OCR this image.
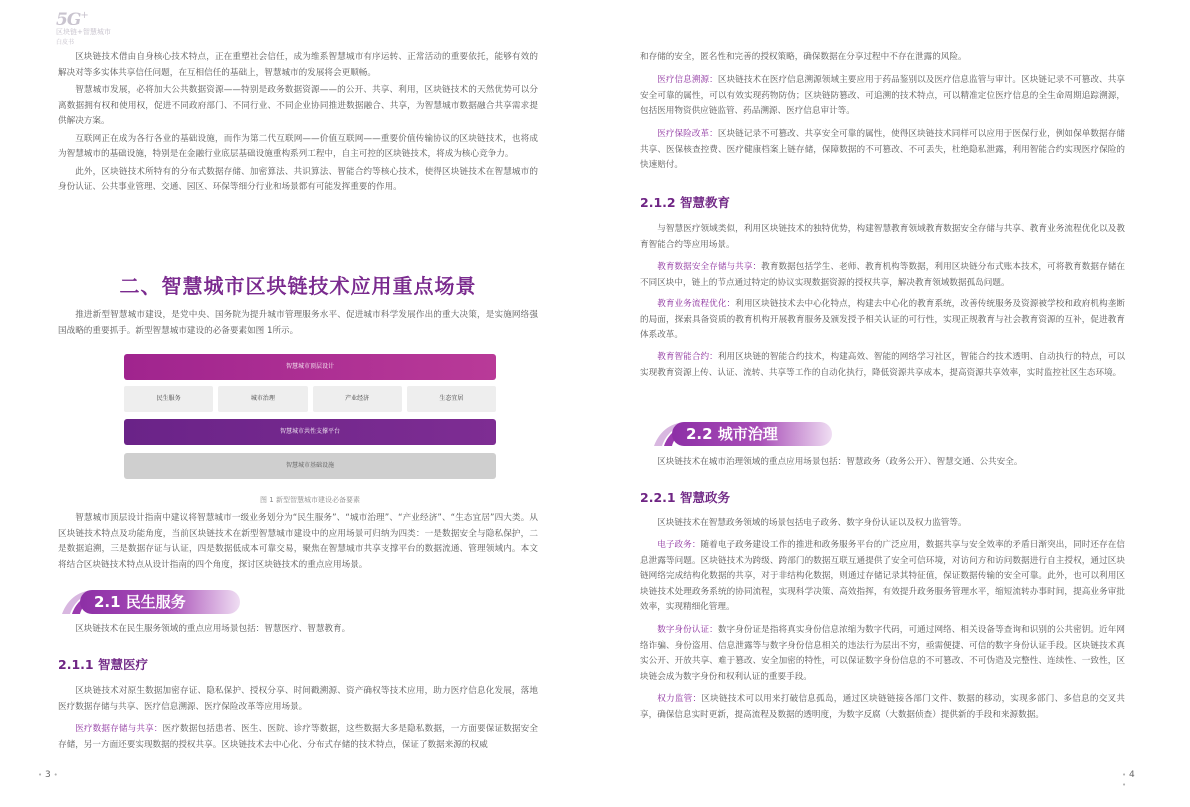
5G+
区块链+智慧城市
白皮书

区块链技术借由自身核心技术特点，正在重塑社会信任，成为维系智慧城市有序运转、正常活动的重要依托，能够有效的解决对等多实体共享信任问题，在互相信任的基础上，智慧城市的发展将会更顺畅。

智慧城市发展，必将加大公共数据资源——特别是政务数据资源——的公开、共享、利用，区块链技术的天然优势可以分离数据拥有权和使用权，促进不同政府部门、不同行业、不同企业协同推进数据融合、共享，为智慧城市数据融合共享需求提供解决方案。

互联网正在成为各行各业的基础设施，而作为第二代互联网——价值互联网——重要价值传输协议的区块链技术，也将成为智慧城市的基础设施，特别是在金融行业底层基础设施重构系列工程中，自主可控的区块链技术，将成为核心竞争力。

此外，区块链技术所特有的分布式数据存储、加密算法、共识算法、智能合约等核心技术，使得区块链技术在智慧城市的身份认证、公共事业管理、交通、园区、环保等细分行业和场景都有可能发挥重要的作用。

二、智慧城市区块链技术应用重点场景

推进新型智慧城市建设，是党中央、国务院为提升城市管理服务水平、促进城市科学发展作出的重大决策，是实施网络强国战略的重要抓手。新型智慧城市建设的必备要素如图 1所示。

智慧城市顶层设计
民生服务	城市治理	产业经济	生态宜居
智慧城市共性支撑平台
智慧城市基础设施
图 1 新型智慧城市建设必备要素

智慧城市顶层设计指南中建议将智慧城市一级业务划分为“民生服务”、“城市治理”、“产业经济”、“生态宜居”四大类。从区块链技术特点及功能角度，当前区块链技术在新型智慧城市建设中的应用场景可归纳为四类：一是数据安全与隐私保护，二是数据追溯，三是数据存证与认证，四是数据低成本可靠交易，聚焦在智慧城市共享支撑平台的数据流通、管理领域内。本文将结合区块链技术特点从设计指南的四个角度，探讨区块链技术的重点应用场景。

2.1 民生服务

区块链技术在民生服务领域的重点应用场景包括：智慧医疗、智慧教育。

2.1.1 智慧医疗

区块链技术对原生数据加密存证、隐私保护、授权分享、时间戳溯源、资产确权等技术应用，助力医疗信息化发展，落地医疗数据存储与共享、医疗信息溯源、医疗保险改革等应用场景。

医疗数据存储与共享：医疗数据包括患者、医生、医院、诊疗等数据，这些数据大多是隐私数据，一方面要保证数据安全存储，另一方面还要实现数据的授权共享。区块链技术去中心化、分布式存储的技术特点，保证了数据来源的权威

• 3 •

和存储的安全，匿名性和完善的授权策略，确保数据在分享过程中不存在泄露的风险。

医疗信息溯源：区块链技术在医疗信息溯源领域主要应用于药品鉴别以及医疗信息监管与审计。区块链记录不可篡改、共享安全可靠的属性，可以有效实现药物防伪；区块链防篡改、可追溯的技术特点，可以精准定位医疗信息的全生命周期追踪溯源，包括医用物资供应链监管、药品溯源、医疗信息审计等。

医疗保险改革：区块链记录不可篡改、共享安全可靠的属性，使得区块链技术同样可以应用于医保行业，例如保单数据存储共享、医保核查控费、医疗健康档案上链存储，保障数据的不可篡改、不可丢失，杜绝隐私泄露，利用智能合约实现医疗保险的快速赔付。

2.1.2 智慧教育

与智慧医疗领域类似，利用区块链技术的独特优势，构建智慧教育领域教育数据安全存储与共享、教育业务流程优化以及教育智能合约等应用场景。

教育数据安全存储与共享：教育数据包括学生、老师、教育机构等数据，利用区块链分布式账本技术，可将教育数据存储在不同区块中，链上的节点通过特定的协议实现数据资源的授权共享，解决教育领域数据孤岛问题。

教育业务流程优化：利用区块链技术去中心化特点，构建去中心化的教育系统，改善传统服务及资源被学校和政府机构垄断的局面，探索具备资质的教育机构开展教育服务及颁发授予相关认证的可行性，实现正规教育与社会教育资源的互补，促进教育体系改革。

教育智能合约：利用区块链的智能合约技术，构建高效、智能的网络学习社区，智能合约技术透明、自动执行的特点，可以实现教育资源上传、认证、流转、共享等工作的自动化执行，降低资源共享成本，提高资源共享效率，实时监控社区生态环境。

2.2 城市治理

区块链技术在城市治理领域的重点应用场景包括：智慧政务（政务公开）、智慧交通、公共安全。

2.2.1 智慧政务

区块链技术在智慧政务领域的场景包括电子政务、数字身份认证以及权力监管等。

电子政务：随着电子政务建设工作的推进和政务服务平台的广泛应用，数据共享与安全效率的矛盾日渐突出，同时还存在信息泄露等问题。区块链技术为跨级、跨部门的数据互联互通提供了安全可信环境，对访问方和访问数据进行自主授权，通过区块链网络完成结构化数据的共享，对于非结构化数据，则通过存储记录其特征值，保证数据传输的安全可靠。此外，也可以利用区块链技术处理政务系统的协同流程，实现科学决策、高效指挥，有效提升政务服务管理水平，缩短流转办事时间，提高业务审批效率，实现精细化管理。

数字身份认证：数字身份证是指将真实身份信息浓缩为数字代码，可通过网络、相关设备等查询和识别的公共密钥。近年网络诈骗、身份盗用、信息泄露等与数字身份信息相关的违法行为层出不穷，亟需便捷、可信的数字身份认证手段。区块链技术真实公开、开放共享、难于篡改、安全加密的特性，可以保证数字身份信息的不可篡改、不可伪造及完整性、连续性、一致性，区块链会成为数字身份和权利认证的重要手段。

权力监管：区块链技术可以用来打破信息孤岛，通过区块链链接各部门文件、数据的移动，实现多部门、多信息的交叉共享，确保信息实时更新，提高流程及数据的透明度，为数字反腐（大数据侦查）提供新的手段和来源数据。

• 4 •
